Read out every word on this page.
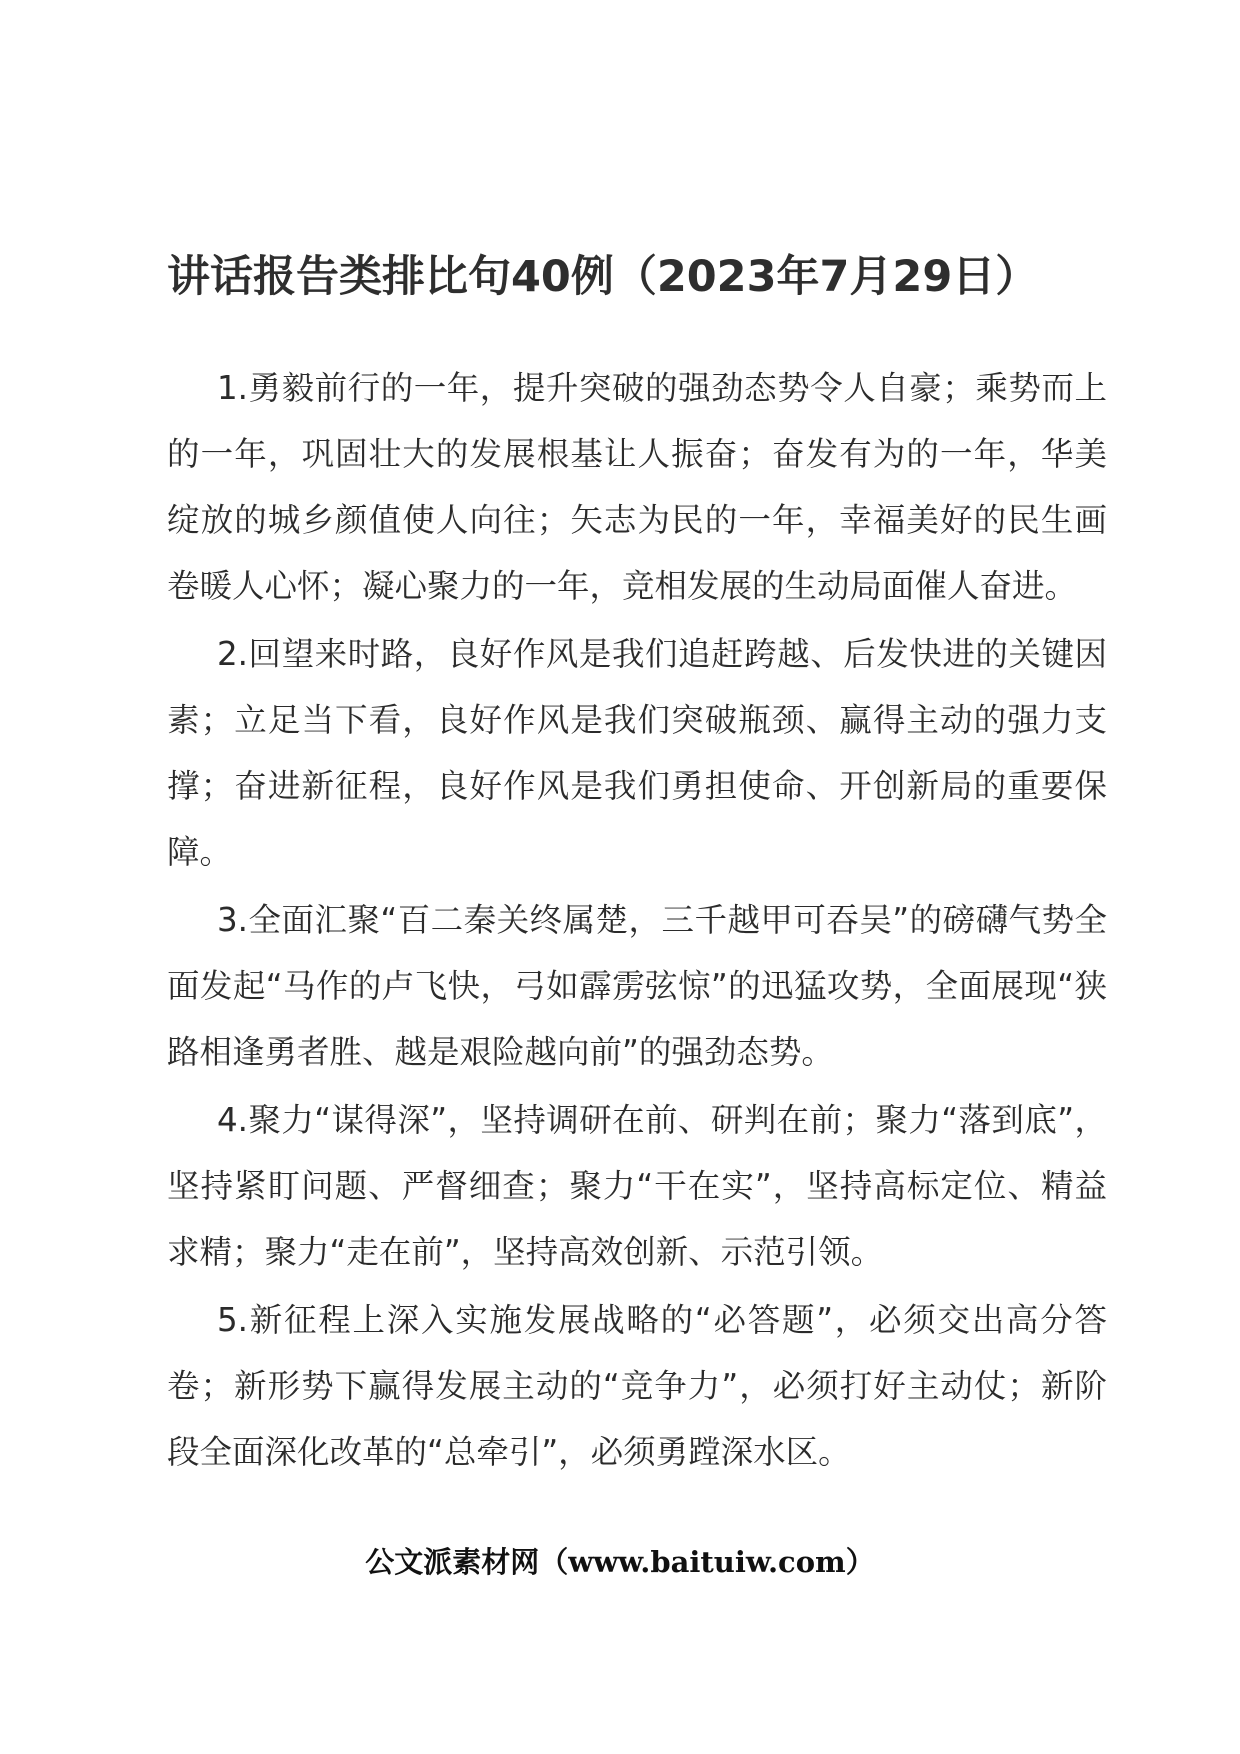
讲话报告类排比句40例（2023年7月29日）

1.勇毅前行的一年，提升突破的强劲态势令人自豪；乘势而上的一年，巩固壮大的发展根基让人振奋；奋发有为的一年，华美绽放的城乡颜值使人向往；矢志为民的一年，幸福美好的民生画卷暖人心怀；凝心聚力的一年，竞相发展的生动局面催人奋进。

2.回望来时路，良好作风是我们追赶跨越、后发快进的关键因素；立足当下看，良好作风是我们突破瓶颈、赢得主动的强力支撑；奋进新征程，良好作风是我们勇担使命、开创新局的重要保障。

3.全面汇聚“百二秦关终属楚，三千越甲可吞吴”的磅礴气势全面发起“马作的卢飞快，弓如霹雳弦惊”的迅猛攻势，全面展现“狭路相逢勇者胜、越是艰险越向前”的强劲态势。

4.聚力“谋得深”，坚持调研在前、研判在前；聚力“落到底”，坚持紧盯问题、严督细查；聚力“干在实”，坚持高标定位、精益求精；聚力“走在前”，坚持高效创新、示范引领。

5.新征程上深入实施发展战略的“必答题”，必须交出高分答卷；新形势下赢得发展主动的“竞争力”，必须打好主动仗；新阶段全面深化改革的“总牵引”，必须勇蹚深水区。

公文派素材网（www.baituiw.com）
